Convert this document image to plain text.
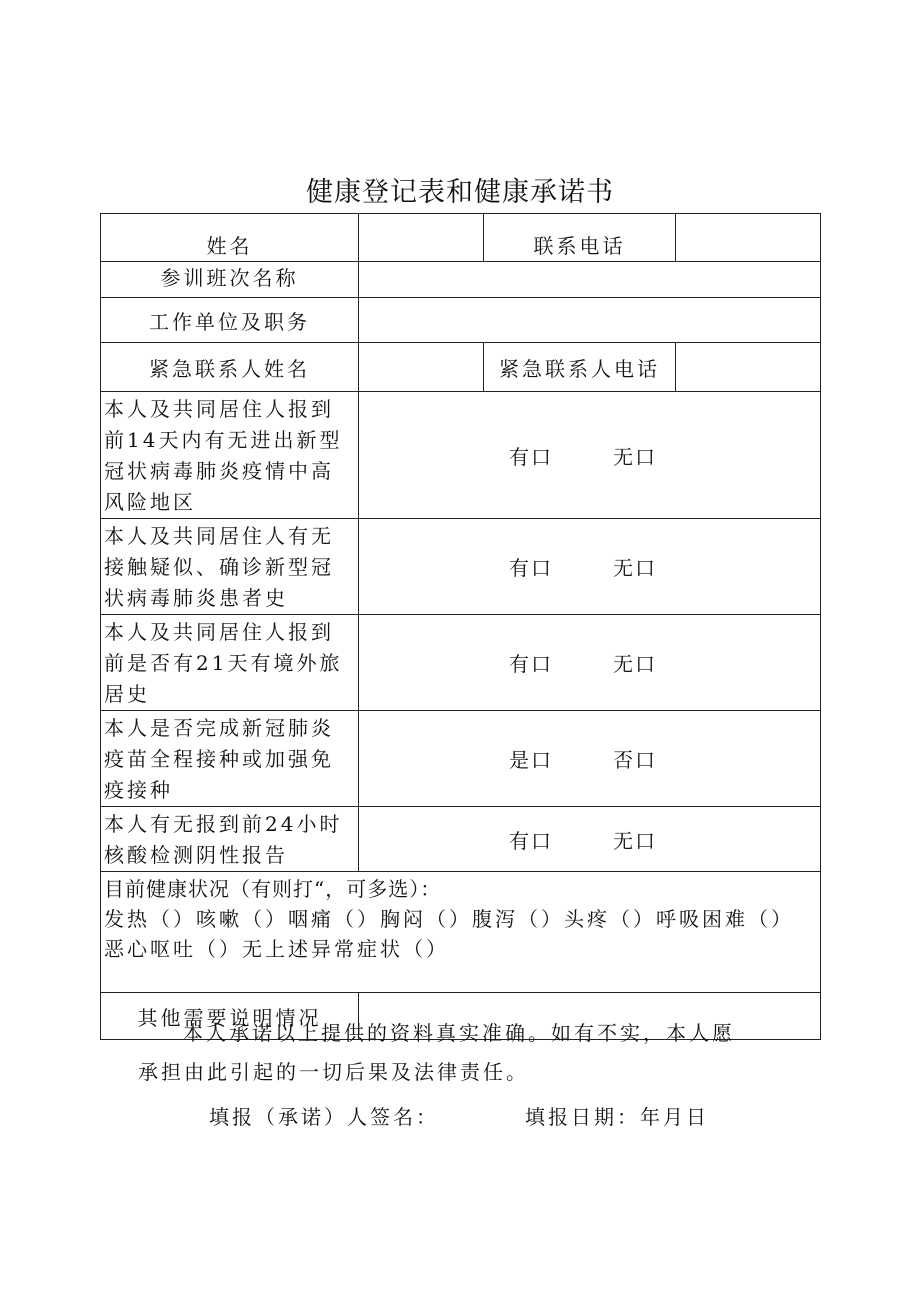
健康登记表和健康承诺书
姓名		联系电话	
参训班次名称			
工作单位及职务			
紧急联系人姓名		紧急联系人电话	
本人及共同居住人报到前14天内有无进出新型冠状病毒肺炎疫情中高风险地区	有口 无口		
本人及共同居住人有无接触疑似、确诊新型冠状病毒肺炎患者史	有口 无口		
本人及共同居住人报到前是否有21天有境外旅居史	有口 无口		
本人是否完成新冠肺炎疫苗全程接种或加强免疫接种	是口 否口		
本人有无报到前24小时核酸检测阴性报告	有口 无口		

目前健康状况（有则打“，可多选）：
发热（）咳嗽（）咽痛（）胸闷（）腹泻（）头疼（）呼吸困难（）
恶心呕吐（）无上述异常症状（）			

其他需要说明情况			

本人承诺以上提供的资料真实准确。如有不实，本人愿

承担由此引起的一切后果及法律责任。

填报（承诺）人签名：	填报日期：年月日
